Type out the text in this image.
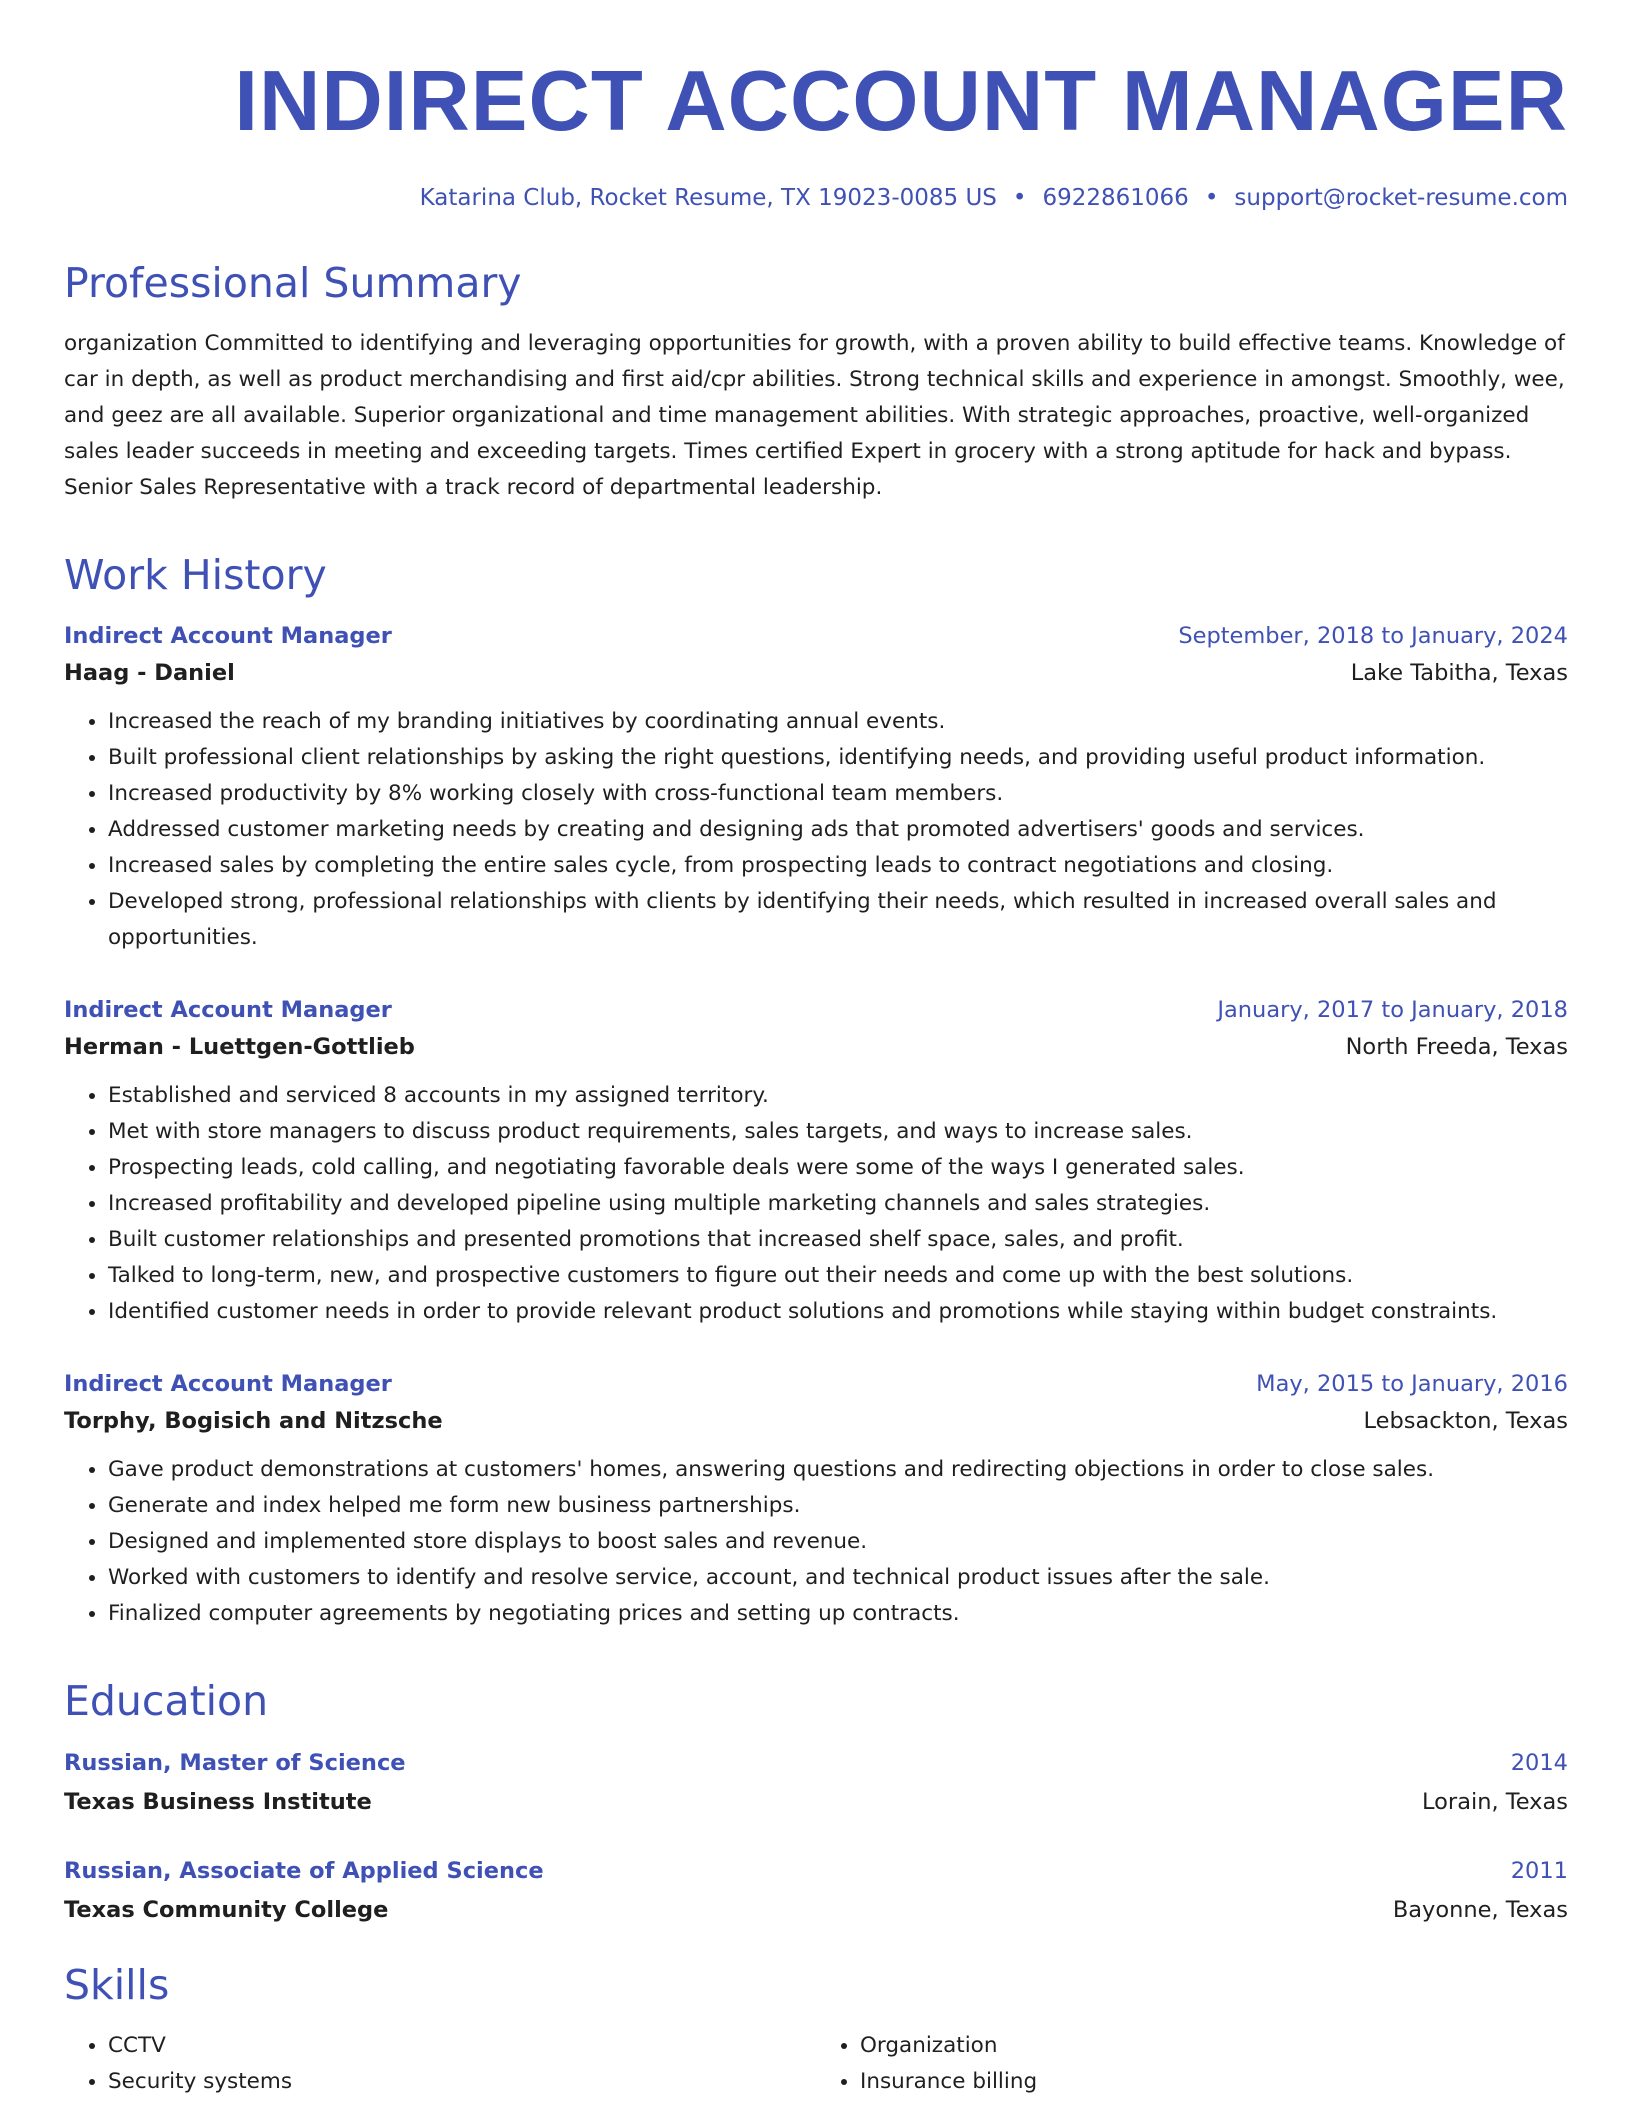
INDIRECT ACCOUNT MANAGER
Katarina Club, Rocket Resume, TX 19023-0085 US • 6922861066 • support@rocket-resume.com
Professional Summary

organization Committed to identifying and leveraging opportunities for growth, with a proven ability to build effective teams. Knowledge of car in depth, as well as product merchandising and first aid/cpr abilities. Strong technical skills and experience in amongst. Smoothly, wee, and geez are all available. Superior organizational and time management abilities. With strategic approaches, proactive, well-organized sales leader succeeds in meeting and exceeding targets. Times certified Expert in grocery with a strong aptitude for hack and bypass. Senior Sales Representative with a track record of departmental leadership.

Work History
Indirect Account Manager	September, 2018 to January, 2024
Haag - Daniel	Lake Tabitha, Texas
• Increased the reach of my branding initiatives by coordinating annual events.
• Built professional client relationships by asking the right questions, identifying needs, and providing useful product information.
• Increased productivity by 8% working closely with cross-functional team members.
• Addressed customer marketing needs by creating and designing ads that promoted advertisers' goods and services.
• Increased sales by completing the entire sales cycle, from prospecting leads to contract negotiations and closing.
• Developed strong, professional relationships with clients by identifying their needs, which resulted in increased overall sales and opportunities.
Indirect Account Manager	January, 2017 to January, 2018
Herman - Luettgen-Gottlieb	North Freeda, Texas
• Established and serviced 8 accounts in my assigned territory.
• Met with store managers to discuss product requirements, sales targets, and ways to increase sales.
• Prospecting leads, cold calling, and negotiating favorable deals were some of the ways I generated sales.
• Increased profitability and developed pipeline using multiple marketing channels and sales strategies.
• Built customer relationships and presented promotions that increased shelf space, sales, and profit.
• Talked to long-term, new, and prospective customers to figure out their needs and come up with the best solutions.
• Identified customer needs in order to provide relevant product solutions and promotions while staying within budget constraints.
Indirect Account Manager	May, 2015 to January, 2016
Torphy, Bogisich and Nitzsche	Lebsackton, Texas
• Gave product demonstrations at customers' homes, answering questions and redirecting objections in order to close sales.
• Generate and index helped me form new business partnerships.
• Designed and implemented store displays to boost sales and revenue.
• Worked with customers to identify and resolve service, account, and technical product issues after the sale.
• Finalized computer agreements by negotiating prices and setting up contracts.
Education
Russian, Master of Science	2014
Texas Business Institute	Lorain, Texas
Russian, Associate of Applied Science	2011
Texas Community College	Bayonne, Texas
Skills
• CCTV
• Security systems
• Organization
• Insurance billing
